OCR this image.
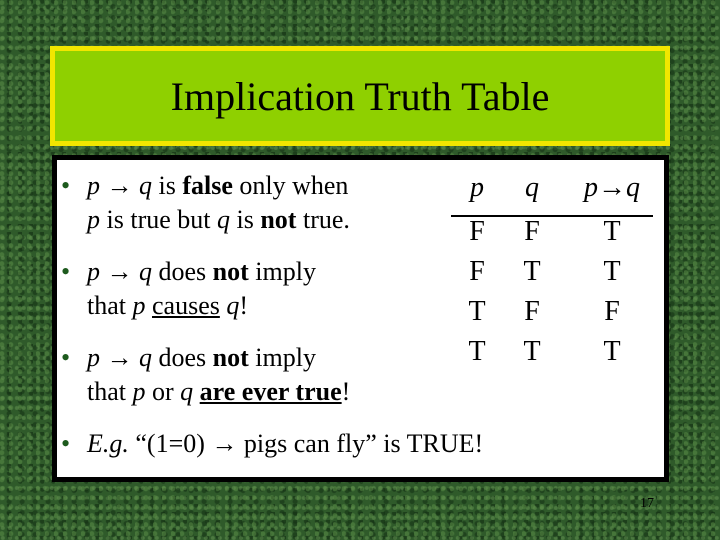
Implication Truth Table
• p → q is false only when
p is true but q is not true.
• p → q does not imply
that p causes q!
• p → q does not imply
that p or q are ever true!
• E.g. “(1=0) → pigs can fly” is TRUE!
p	q	p→q
F	F	T
F	T	T
T	F	F
T	T	T
17
